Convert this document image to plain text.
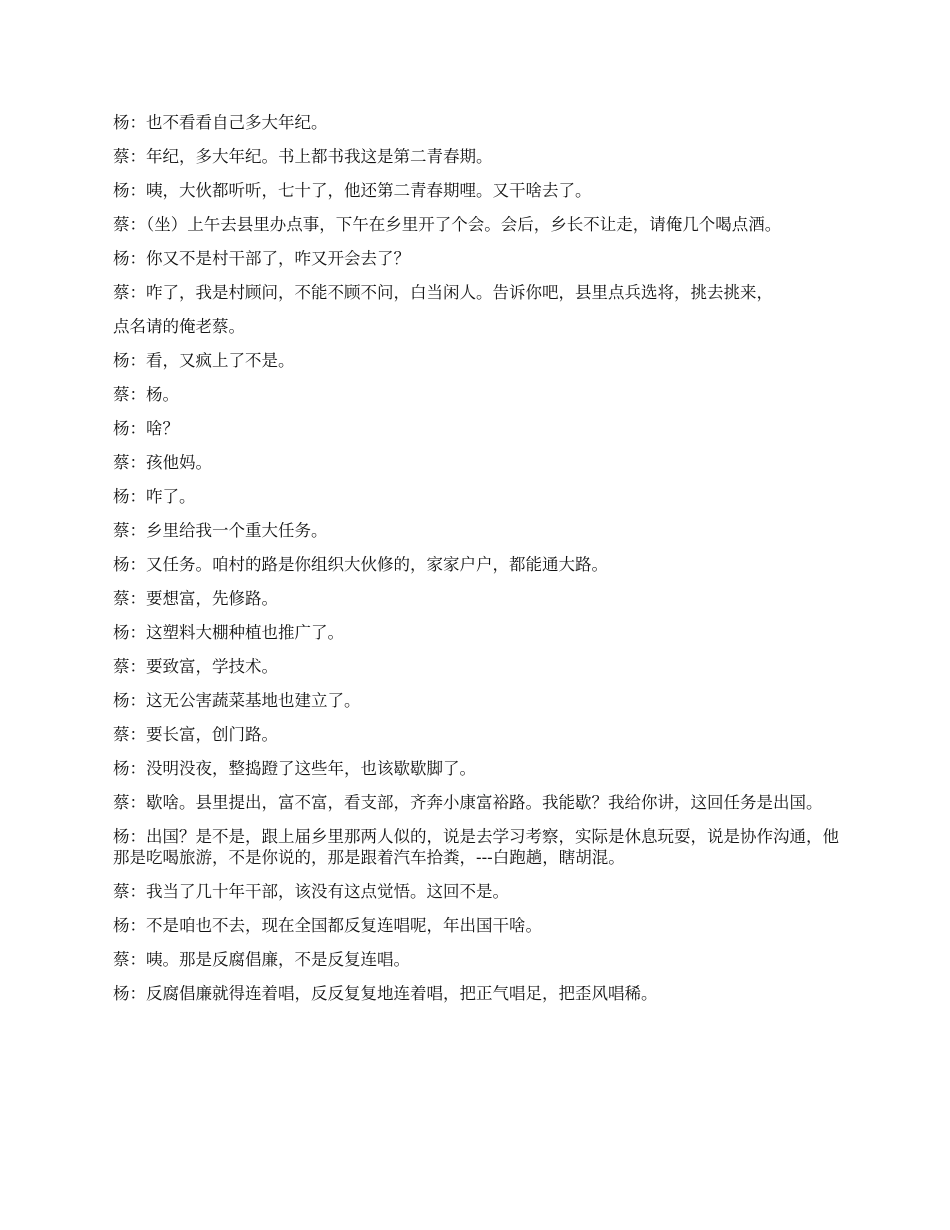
杨：也不看看自己多大年纪。

蔡：年纪，多大年纪。书上都书我这是第二青春期。

杨：咦，大伙都听听，七十了，他还第二青春期哩。又干啥去了。

蔡：（坐）上午去县里办点事，下午在乡里开了个会。会后，乡长不让走，请俺几个喝点酒。

杨：你又不是村干部了，咋又开会去了？

蔡：咋了，我是村顾问，不能不顾不问，白当闲人。告诉你吧，县里点兵选将，挑去挑来，

点名请的俺老蔡。

杨：看，又疯上了不是。

蔡：杨。

杨：啥？

蔡：孩他妈。

杨：咋了。

蔡：乡里给我一个重大任务。

杨：又任务。咱村的路是你组织大伙修的，家家户户，都能通大路。

蔡：要想富，先修路。

杨：这塑料大棚种植也推广了。

蔡：要致富，学技术。

杨：这无公害蔬菜基地也建立了。

蔡：要长富，创门路。

杨：没明没夜，整捣蹬了这些年，也该歇歇脚了。

蔡：歇啥。县里提出，富不富，看支部，齐奔小康富裕路。我能歇？我给你讲，这回任务是出国。

杨：出国？是不是，跟上届乡里那两人似的，说是去学习考察，实际是休息玩耍，说是协作沟通，他那是吃喝旅游，不是你说的，那是跟着汽车拾粪，---白跑趟，瞎胡混。

蔡：我当了几十年干部，该没有这点觉悟。这回不是。

杨：不是咱也不去，现在全国都反复连唱呢，年出国干啥。

蔡：咦。那是反腐倡廉，不是反复连唱。

杨：反腐倡廉就得连着唱，反反复复地连着唱，把正气唱足，把歪风唱稀。
